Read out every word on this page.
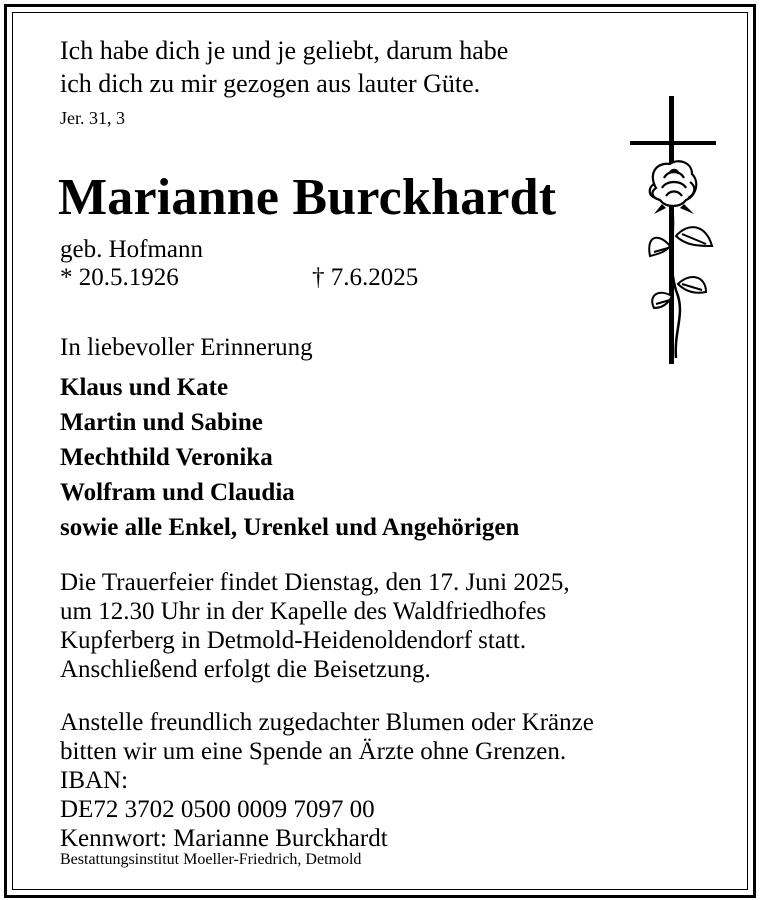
Ich habe dich je und je geliebt, darum habe
ich dich zu mir gezogen aus lauter Güte.
Jer. 31, 3
Marianne Burckhardt
geb. Hofmann
* 20.5.1926	† 7.6.2025
In liebevoller Erinnerung
Klaus und Kate
Martin und Sabine
Mechthild Veronika
Wolfram und Claudia
sowie alle Enkel, Urenkel und Angehörigen
Die Trauerfeier findet Dienstag, den 17. Juni 2025,
um 12.30 Uhr in der Kapelle des Waldfriedhofes
Kupferberg in Detmold-Heidenoldendorf statt.
Anschließend erfolgt die Beisetzung.
Anstelle freundlich zugedachter Blumen oder Kränze
bitten wir um eine Spende an Ärzte ohne Grenzen.
IBAN:
DE72 3702 0500 0009 7097 00
Kennwort: Marianne Burckhardt
Bestattungsinstitut Moeller-Friedrich, Detmold
